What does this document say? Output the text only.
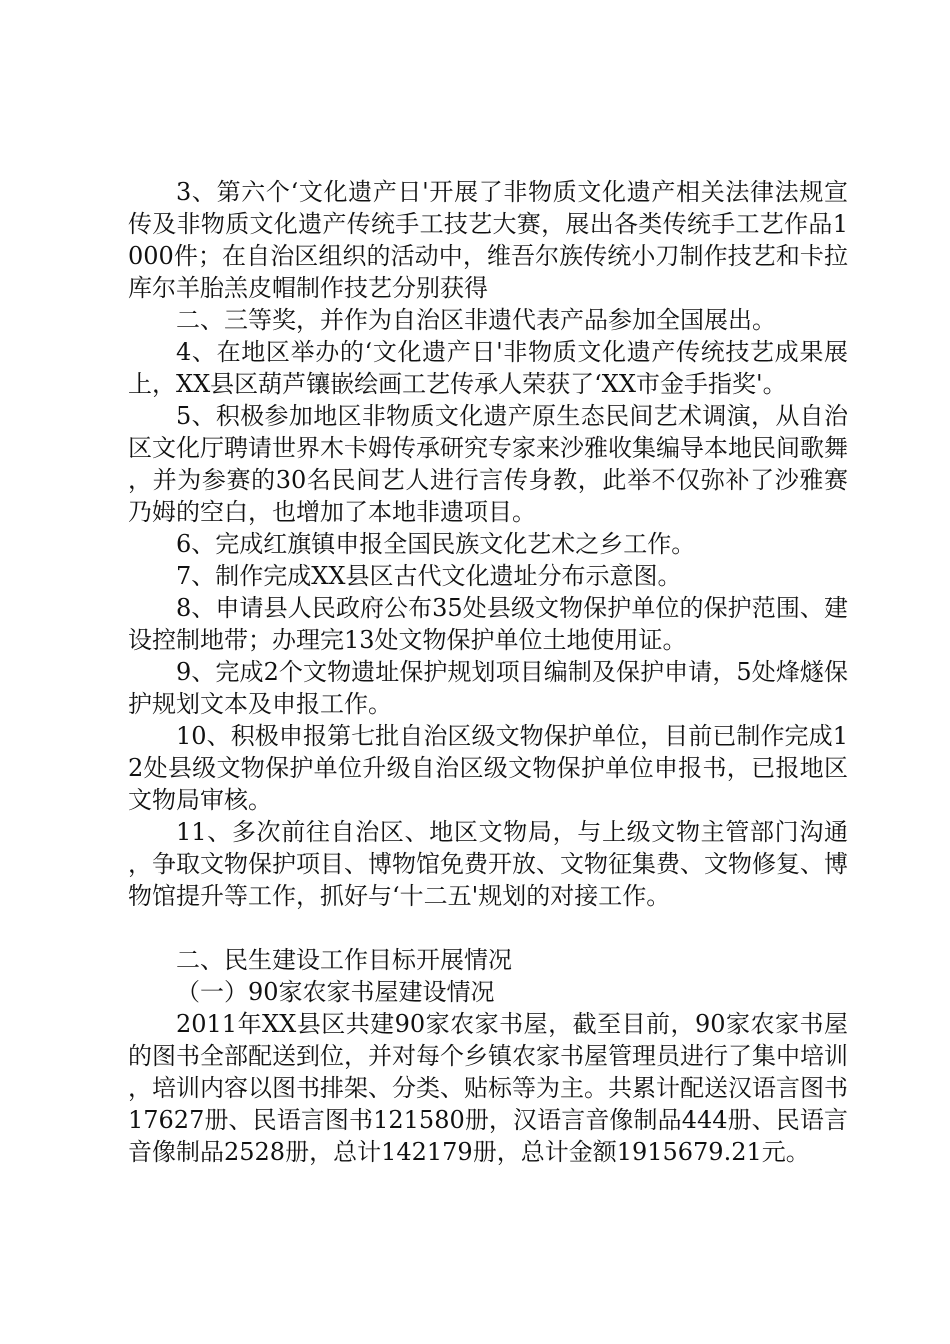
3、第六个‘文化遗产日'开展了非物质文化遗产相关法律法规宣传及非物质文化遗产传统手工技艺大赛，展出各类传统手工艺作品1000件；在自治区组织的活动中，维吾尔族传统小刀制作技艺和卡拉库尔羊胎羔皮帽制作技艺分别获得

二、三等奖，并作为自治区非遗代表产品参加全国展出。

4、在地区举办的‘文化遗产日'非物质文化遗产传统技艺成果展上，XX县区葫芦镶嵌绘画工艺传承人荣获了‘XX市金手指奖'。

5、积极参加地区非物质文化遗产原生态民间艺术调演，从自治区文化厅聘请世界木卡姆传承研究专家来沙雅收集编导本地民间歌舞，并为参赛的30名民间艺人进行言传身教，此举不仅弥补了沙雅赛乃姆的空白，也增加了本地非遗项目。

6、完成红旗镇申报全国民族文化艺术之乡工作。

7、制作完成XX县区古代文化遗址分布示意图。

8、申请县人民政府公布35处县级文物保护单位的保护范围、建设控制地带；办理完13处文物保护单位土地使用证。

9、完成2个文物遗址保护规划项目编制及保护申请，5处烽燧保护规划文本及申报工作。

10、积极申报第七批自治区级文物保护单位，目前已制作完成12处县级文物保护单位升级自治区级文物保护单位申报书，已报地区文物局审核。

11、多次前往自治区、地区文物局，与上级文物主管部门沟通，争取文物保护项目、博物馆免费开放、文物征集费、文物修复、博物馆提升等工作，抓好与‘十二五'规划的对接工作。

二、民生建设工作目标开展情况

（一）90家农家书屋建设情况

2011年XX县区共建90家农家书屋，截至目前，90家农家书屋的图书全部配送到位，并对每个乡镇农家书屋管理员进行了集中培训，培训内容以图书排架、分类、贴标等为主。共累计配送汉语言图书17627册、民语言图书121580册，汉语言音像制品444册、民语言音像制品2528册，总计142179册，总计金额1915679.21元。
